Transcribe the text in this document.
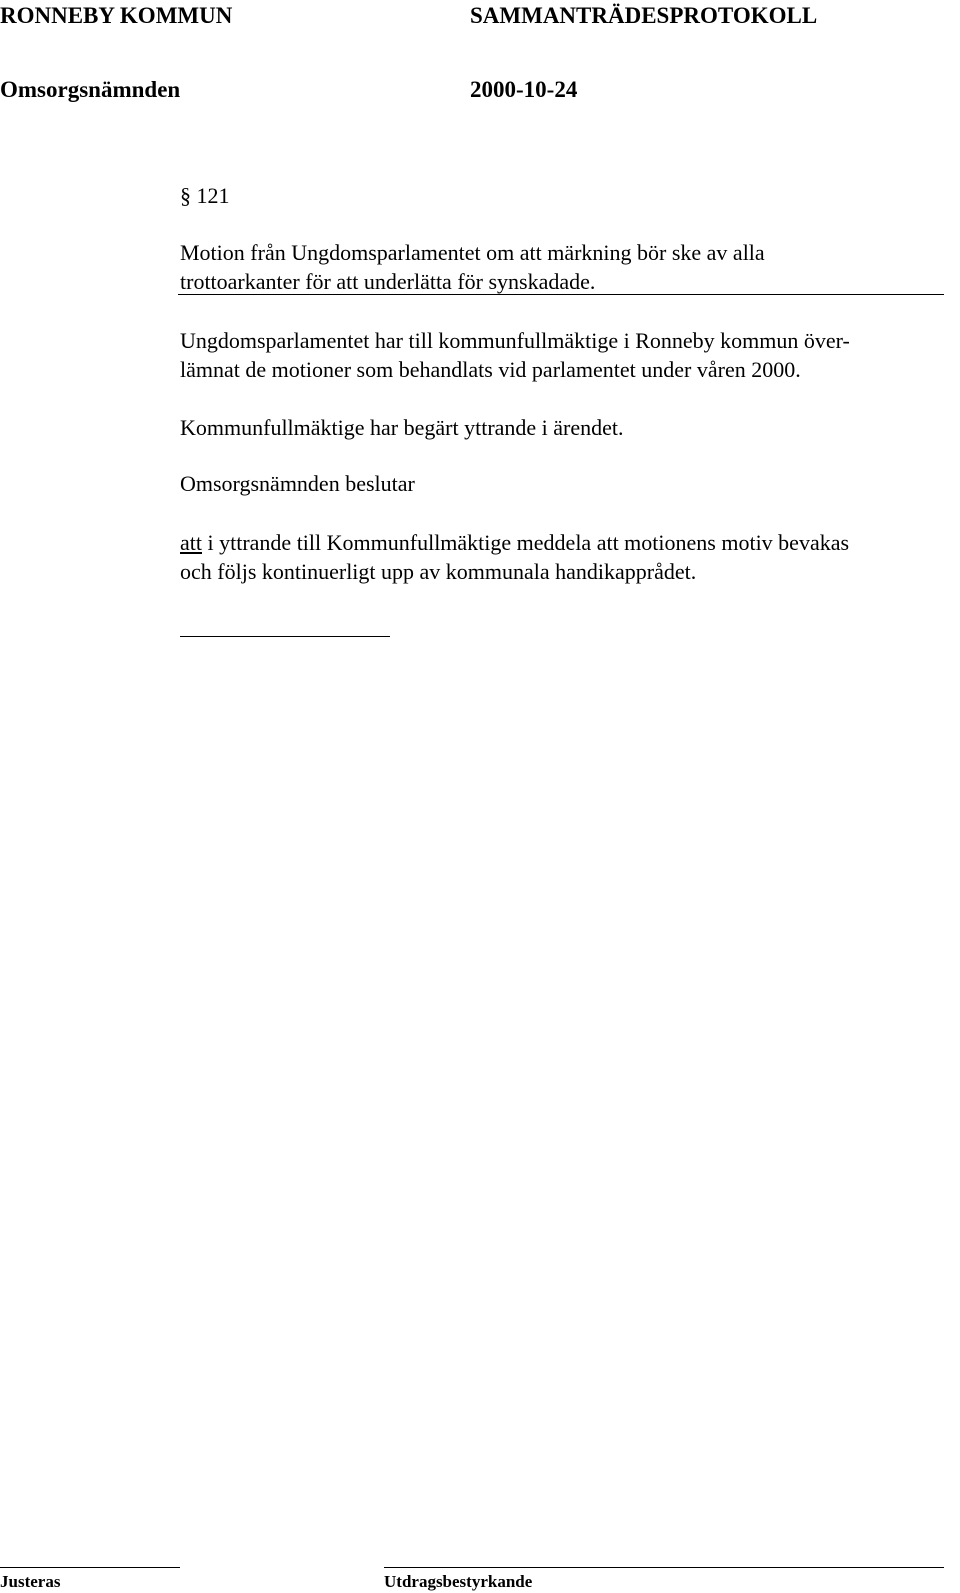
RONNEBY KOMMUN	SAMMANTRÄDESPROTOKOLL
Omsorgsnämnden	2000-10-24
§ 121
Motion från Ungdomsparlamentet om att märkning bör ske av alla
trottoarkanter för att underlätta för synskadade.
Ungdomsparlamentet har till kommunfullmäktige i Ronneby kommun över-
lämnat de motioner som behandlats vid parlamentet under våren 2000.
Kommunfullmäktige har begärt yttrande i ärendet.
Omsorgsnämnden beslutar
att i yttrande till Kommunfullmäktige meddela att motionens motiv bevakas
och följs kontinuerligt upp av kommunala handikapprådet.
Justeras	Utdragsbestyrkande
